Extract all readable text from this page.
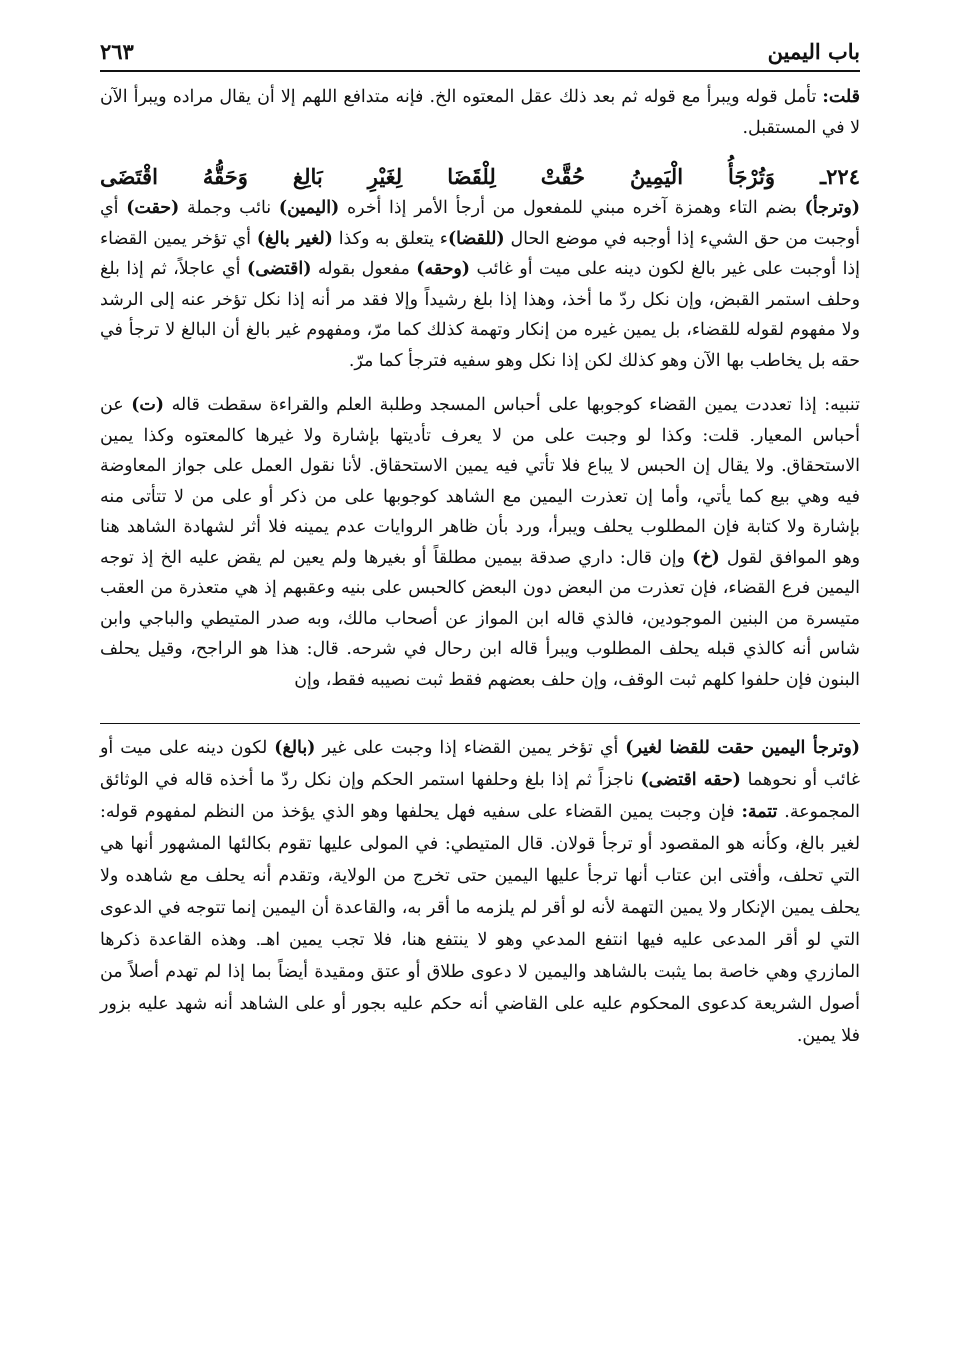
باب اليمين
٢٦٣

قلت: تأمل قوله ويبرأ مع قوله ثم بعد ذلك عقل المعتوه الخ. فإنه متدافع اللهم إلا أن يقال مراده ويبرأ الآن لا في المستقبل.

٢٢٤ـ وَتُرْجَأُ الْيَمِينُ حُقَّتْ لِلْقَضَا لِغَيْرِ بَالِغ وَحَقُّهُ اقْتَضَى

(وترجأ) بضم التاء وهمزة آخره مبني للمفعول من أرجأ الأمر إذا أخره (اليمين) نائب وجملة (حقت) أي أوجبت من حق الشيء إذا أوجبه في موضع الحال (للقضا)ء يتعلق به وكذا (لغير بالغ) أي تؤخر يمين القضاء إذا أوجبت على غير بالغ لكون دينه على ميت أو غائب (وحقه) مفعول بقوله (اقتضى) أي عاجلاً، ثم إذا بلغ وحلف استمر القبض، وإن نكل ردّ ما أخذ، وهذا إذا بلغ رشيداً وإلا فقد مر أنه إذا نكل تؤخر عنه إلى الرشد ولا مفهوم لقوله للقضاء، بل يمين غيره من إنكار وتهمة كذلك كما مرّ، ومفهوم غير بالغ أن البالغ لا ترجأ في حقه بل يخاطب بها الآن وهو كذلك لكن إذا نكل وهو سفيه فترجأ كما مرّ.

تنبيه: إذا تعددت يمين القضاء كوجوبها على أحباس المسجد وطلبة العلم والقراءة سقطت قاله (ت) عن أحباس المعيار. قلت: وكذا لو وجبت على من لا يعرف تأديتها بإشارة ولا غيرها كالمعتوه وكذا يمين الاستحقاق. ولا يقال إن الحبس لا يباع فلا تأتي فيه يمين الاستحقاق. لأنا نقول العمل على جواز المعاوضة فيه وهي بيع كما يأتي، وأما إن تعذرت اليمين مع الشاهد كوجوبها على من ذكر أو على من لا تتأتى منه بإشارة ولا كتابة فإن المطلوب يحلف ويبرأ، ورد بأن ظاهر الروايات عدم يمينه فلا أثر لشهادة الشاهد هنا وهو الموافق لقول (خ) وإن قال: داري صدقة بيمين مطلقاً أو بغيرها ولم يعين لم يقض عليه الخ إذ توجه اليمين فرع القضاء، فإن تعذرت من البعض دون البعض كالحبس على بنيه وعقبهم إذ هي متعذرة من العقب متيسرة من البنين الموجودين، فالذي قاله ابن المواز عن أصحاب مالك، وبه صدر المتيطي والباجي وابن شاس أنه كالذي قبله يحلف المطلوب ويبرأ قاله ابن رحال في شرحه. قال: هذا هو الراجح، وقيل يحلف البنون فإن حلفوا كلهم ثبت الوقف، وإن حلف بعضهم فقط ثبت نصيبه فقط، وإن

(وترجأ اليمين حقت للقضا لغير) أي تؤخر يمين القضاء إذا وجبت على غير (بالغ) لكون دينه على ميت أو غائب أو نحوهما (حقه اقتضى) ناجزاً ثم إذا بلغ وحلفها استمر الحكم وإن نكل ردّ ما أخذه قاله في الوثائق المجموعة. تتمة: فإن وجبت يمين القضاء على سفيه فهل يحلفها وهو الذي يؤخذ من النظم لمفهوم قوله: لغير بالغ، وكأنه هو المقصود أو ترجأ قولان. قال المتيطي: في المولى عليها تقوم بكالئها المشهور أنها هي التي تحلف، وأفتى ابن عتاب أنها ترجأ عليها اليمين حتى تخرج من الولاية، وتقدم أنه يحلف مع شاهده ولا يحلف يمين الإنكار ولا يمين التهمة لأنه لو أقر لم يلزمه ما أقر به، والقاعدة أن اليمين إنما تتوجه في الدعوى التي لو أقر المدعى عليه فيها انتفع المدعي وهو لا ينتفع هنا، فلا تجب يمين اهـ. وهذه القاعدة ذكرها المازري وهي خاصة بما يثبت بالشاهد واليمين لا دعوى طلاق أو عتق ومقيدة أيضاً بما إذا لم تهدم أصلاً من أصول الشريعة كدعوى المحكوم عليه على القاضي أنه حكم عليه بجور أو على الشاهد أنه شهد عليه بزور فلا يمين.
